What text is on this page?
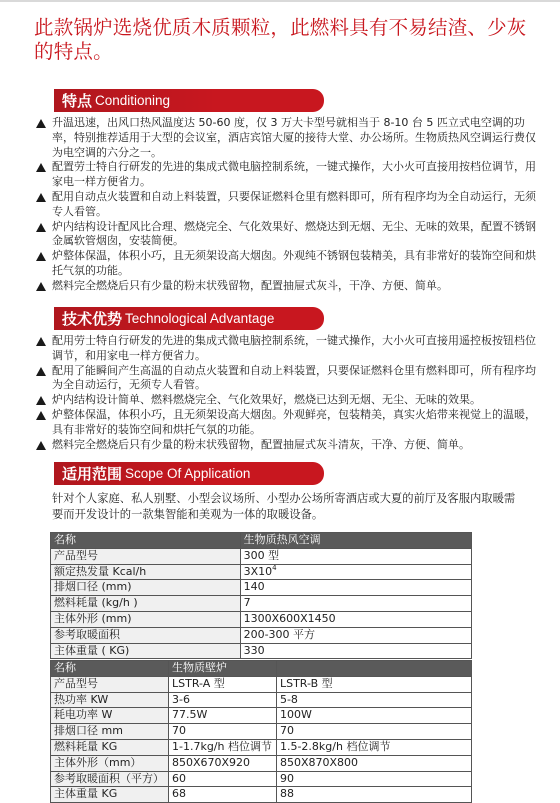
此款锅炉选烧优质木质颗粒，此燃料具有不易结渣、少灰的特点。
特点 Conditioning
升温迅速，出风口热风温度达 50-60 度，仅 3 万大卡型号就相当于 8-10 台 5 匹立式电空调的功率，特别推荐适用于大型的会议室，酒店宾馆大厦的接待大堂、办公场所。生物质热风空调运行费仅为电空调的六分之一。
配置劳士特自行研发的先进的集成式微电脑控制系统，一键式操作，大小火可直接用按档位调节，用家电一样方便省力。
配用自动点火装置和自动上料装置，只要保证燃料仓里有燃料即可，所有程序均为全自动运行，无须专人看管。
炉内结构设计配风比合理、燃烧完全、气化效果好、燃烧达到无烟、无尘、无味的效果，配置不锈钢金属软管烟囱，安装简便。
炉整体保温，体积小巧，且无须架设高大烟囱。外观纯不锈钢包装精美，具有非常好的装饰空间和烘托气氛的功能。
燃料完全燃烧后只有少量的粉末状残留物，配置抽屉式灰斗，干净、方便、简单。
技术优势 Technological Advantage
配用劳士特自行研发的先进的集成式微电脑控制系统，一键式操作，大小火可直接用遥控板按钮档位调节，和用家电一样方便省力。
配用了能瞬间产生高温的自动点火装置和自动上料装置，只要保证燃料仓里有燃料即可，所有程序均为全自动运行，无须专人看管。
炉内结构设计简单、燃料燃烧完全、气化效果好，燃烧已达到无烟、无尘、无味的效果。
炉整体保温，体积小巧，且无须架设高大烟囱。外观鲜亮，包装精美，真实火焰带来视觉上的温暖，具有非常好的装饰空间和烘托气氛的功能。
燃料完全燃烧后只有少量的粉末状残留物，配置抽屉式灰斗清灰，干净、方便、简单。
适用范围 Scope Of Application
针对个人家庭、私人别墅、小型会议场所、小型办公场所寄酒店或大夏的前厅及客服内取暖需要而开发设计的一款集智能和美观为一体的取暖设备。
名称	生物质热风空调
产品型号	300 型
额定热发量 Kcal/h	$3X10^4$
排烟口径 (mm)	140
燃料耗量 (kg/h )	7
主体外形 (mm)	1300X600X1450
参考取暖面积	200-300 平方
主体重量 ( KG)	330
名称	生物质壁炉	
产品型号	LSTR-A 型	LSTR-B 型
热功率 KW	3-6	5-8
耗电功率 W	77.5W	100W
排烟口径 mm	70	70
燃料耗量 KG	1-1.7kg/h 档位调节	1.5-2.8kg/h 档位调节
主体外形（mm）	850X670X920	850X870X800
参考取暖面积（平方）	60	90
主体重量 KG	68	88
